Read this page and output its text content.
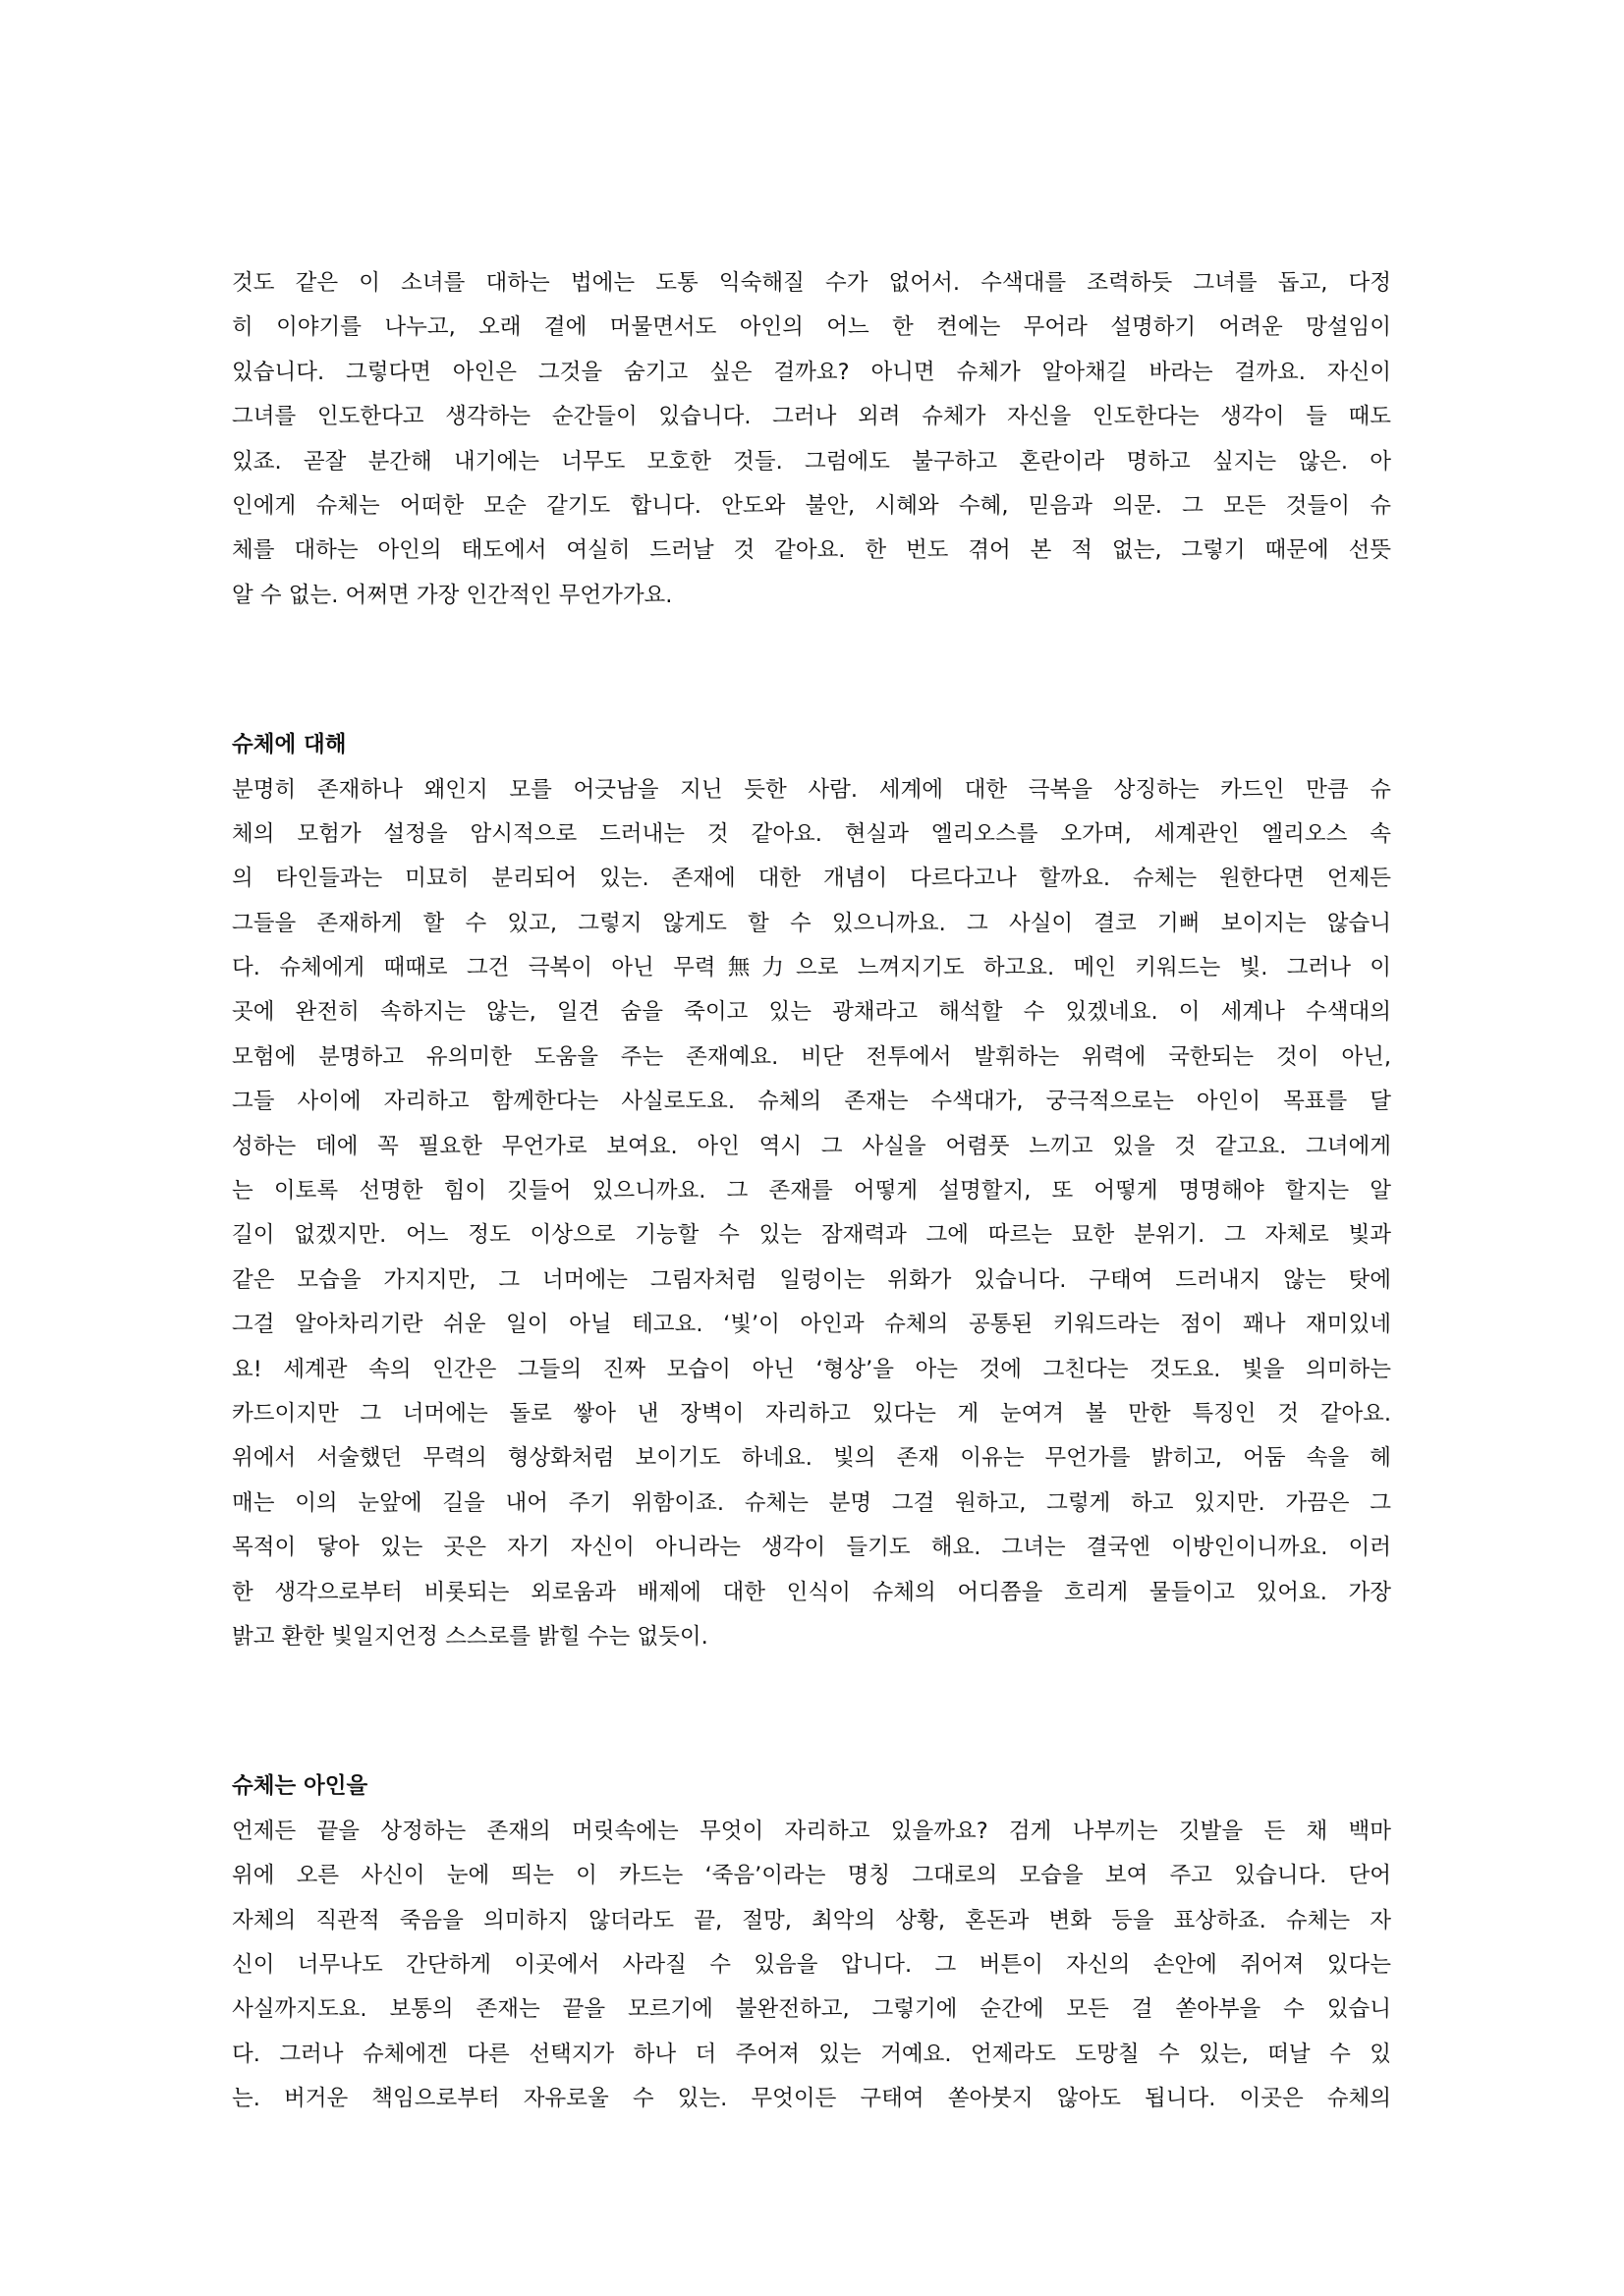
것도 같은 이 소녀를 대하는 법에는 도통 익숙해질 수가 없어서. 수색대를 조력하듯 그녀를 돕고, 다정
히 이야기를 나누고, 오래 곁에 머물면서도 아인의 어느 한 켠에는 무어라 설명하기 어려운 망설임이
있습니다. 그렇다면 아인은 그것을 숨기고 싶은 걸까요? 아니면 슈체가 알아채길 바라는 걸까요. 자신이
그녀를 인도한다고 생각하는 순간들이 있습니다. 그러나 외려 슈체가 자신을 인도한다는 생각이 들 때도
있죠. 곧잘 분간해 내기에는 너무도 모호한 것들. 그럼에도 불구하고 혼란이라 명하고 싶지는 않은. 아
인에게 슈체는 어떠한 모순 같기도 합니다. 안도와 불안, 시혜와 수혜, 믿음과 의문. 그 모든 것들이 슈
체를 대하는 아인의 태도에서 여실히 드러날 것 같아요. 한 번도 겪어 본 적 없는, 그렇기 때문에 선뜻
알 수 없는. 어쩌면 가장 인간적인 무언가가요.
슈체에 대해
분명히 존재하나 왜인지 모를 어긋남을 지닌 듯한 사람. 세계에 대한 극복을 상징하는 카드인 만큼 슈
체의 모험가 설정을 암시적으로 드러내는 것 같아요. 현실과 엘리오스를 오가며, 세계관인 엘리오스 속
의 타인들과는 미묘히 분리되어 있는. 존재에 대한 개념이 다르다고나 할까요. 슈체는 원한다면 언제든
그들을 존재하게 할 수 있고, 그렇지 않게도 할 수 있으니까요. 그 사실이 결코 기뻐 보이지는 않습니
다. 슈체에게 때때로 그건 극복이 아닌 무력無力으로 느껴지기도 하고요. 메인 키워드는 빛. 그러나 이
곳에 완전히 속하지는 않는, 일견 숨을 죽이고 있는 광채라고 해석할 수 있겠네요. 이 세계나 수색대의
모험에 분명하고 유의미한 도움을 주는 존재예요. 비단 전투에서 발휘하는 위력에 국한되는 것이 아닌,
그들 사이에 자리하고 함께한다는 사실로도요. 슈체의 존재는 수색대가, 궁극적으로는 아인이 목표를 달
성하는 데에 꼭 필요한 무언가로 보여요. 아인 역시 그 사실을 어렴풋 느끼고 있을 것 같고요. 그녀에게
는 이토록 선명한 힘이 깃들어 있으니까요. 그 존재를 어떻게 설명할지, 또 어떻게 명명해야 할지는 알
길이 없겠지만. 어느 정도 이상으로 기능할 수 있는 잠재력과 그에 따르는 묘한 분위기. 그 자체로 빛과
같은 모습을 가지지만, 그 너머에는 그림자처럼 일렁이는 위화가 있습니다. 구태여 드러내지 않는 탓에
그걸 알아차리기란 쉬운 일이 아닐 테고요. ‘빛’이 아인과 슈체의 공통된 키워드라는 점이 꽤나 재미있네
요! 세계관 속의 인간은 그들의 진짜 모습이 아닌 ‘형상’을 아는 것에 그친다는 것도요. 빛을 의미하는
카드이지만 그 너머에는 돌로 쌓아 낸 장벽이 자리하고 있다는 게 눈여겨 볼 만한 특징인 것 같아요.
위에서 서술했던 무력의 형상화처럼 보이기도 하네요. 빛의 존재 이유는 무언가를 밝히고, 어둠 속을 헤
매는 이의 눈앞에 길을 내어 주기 위함이죠. 슈체는 분명 그걸 원하고, 그렇게 하고 있지만. 가끔은 그
목적이 닿아 있는 곳은 자기 자신이 아니라는 생각이 들기도 해요. 그녀는 결국엔 이방인이니까요. 이러
한 생각으로부터 비롯되는 외로움과 배제에 대한 인식이 슈체의 어디쯤을 흐리게 물들이고 있어요. 가장
밝고 환한 빛일지언정 스스로를 밝힐 수는 없듯이.
슈체는 아인을
언제든 끝을 상정하는 존재의 머릿속에는 무엇이 자리하고 있을까요? 검게 나부끼는 깃발을 든 채 백마
위에 오른 사신이 눈에 띄는 이 카드는 ‘죽음’이라는 명칭 그대로의 모습을 보여 주고 있습니다. 단어
자체의 직관적 죽음을 의미하지 않더라도 끝, 절망, 최악의 상황, 혼돈과 변화 등을 표상하죠. 슈체는 자
신이 너무나도 간단하게 이곳에서 사라질 수 있음을 압니다. 그 버튼이 자신의 손안에 쥐어져 있다는
사실까지도요. 보통의 존재는 끝을 모르기에 불완전하고, 그렇기에 순간에 모든 걸 쏟아부을 수 있습니
다. 그러나 슈체에겐 다른 선택지가 하나 더 주어져 있는 거예요. 언제라도 도망칠 수 있는, 떠날 수 있
는. 버거운 책임으로부터 자유로울 수 있는. 무엇이든 구태여 쏟아붓지 않아도 됩니다. 이곳은 슈체의
